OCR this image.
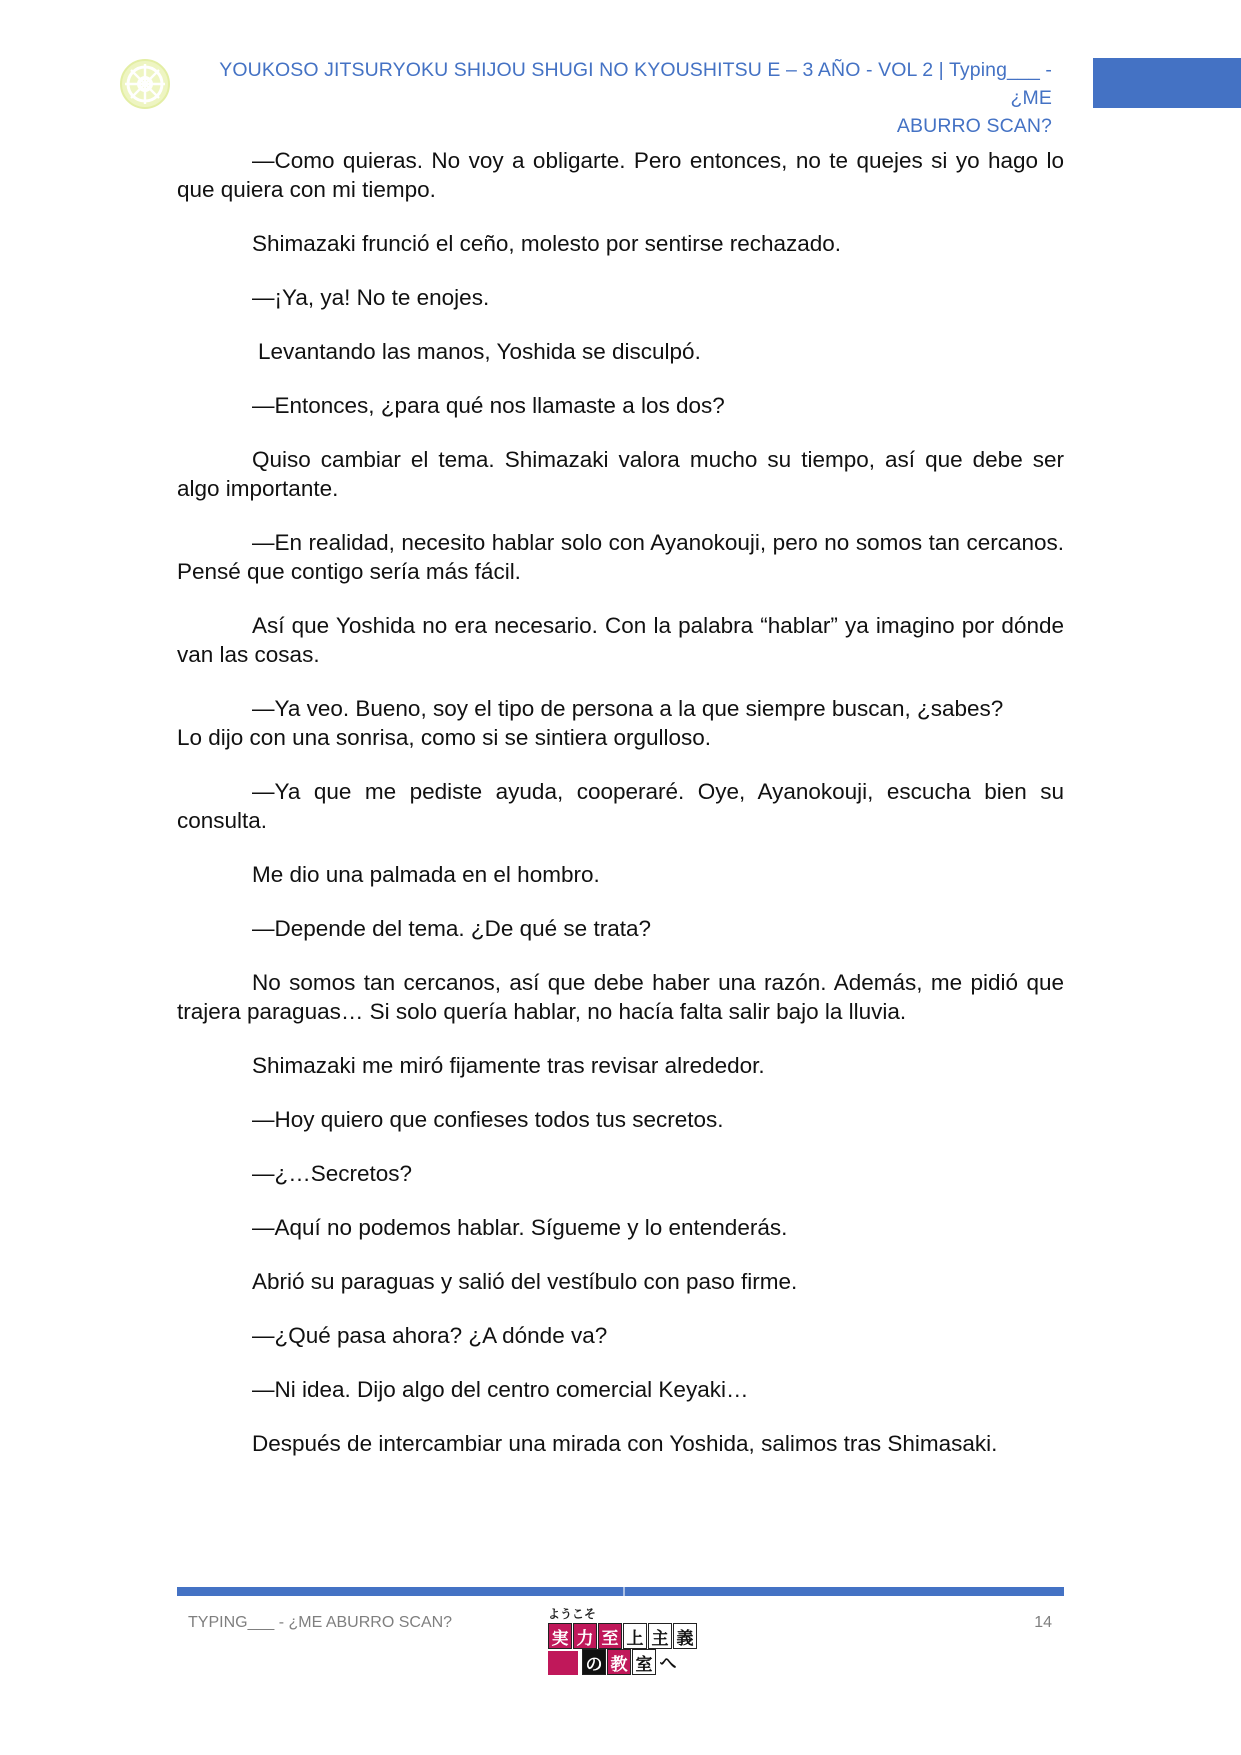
YOUKOSO JITSURYOKU SHIJOU SHUGI NO KYOUSHITSU E – 3 AÑO - VOL 2 | Typing___ - ¿ME
ABURRO SCAN?

—Como quieras. No voy a obligarte. Pero entonces, no te quejes si yo hago lo que quiera con mi tiempo.

Shimazaki frunció el ceño, molesto por sentirse rechazado.

—¡Ya, ya! No te enojes.

Levantando las manos, Yoshida se disculpó.

—Entonces, ¿para qué nos llamaste a los dos?

Quiso cambiar el tema. Shimazaki valora mucho su tiempo, así que debe ser algo importante.

—En realidad, necesito hablar solo con Ayanokouji, pero no somos tan cercanos. Pensé que contigo sería más fácil.

Así que Yoshida no era necesario. Con la palabra “hablar” ya imagino por dónde van las cosas.

—Ya veo. Bueno, soy el tipo de persona a la que siempre buscan, ¿sabes?

Lo dijo con una sonrisa, como si se sintiera orgulloso.

—Ya que me pediste ayuda, cooperaré. Oye, Ayanokouji, escucha bien su consulta.

Me dio una palmada en el hombro.

—Depende del tema. ¿De qué se trata?

No somos tan cercanos, así que debe haber una razón. Además, me pidió que trajera paraguas… Si solo quería hablar, no hacía falta salir bajo la lluvia.

Shimazaki me miró fijamente tras revisar alrededor.

—Hoy quiero que confieses todos tus secretos.

—¿…Secretos?

—Aquí no podemos hablar. Sígueme y lo entenderás.

Abrió su paraguas y salió del vestíbulo con paso firme.

—¿Qué pasa ahora? ¿A dónde va?

—Ni idea. Dijo algo del centro comercial Keyaki…

Después de intercambiar una mirada con Yoshida, salimos tras Shimasaki.

TYPING___ - ¿ME ABURRO SCAN?	14
ようこそ
実 力 至 上 主 義
の 教 室 へ
